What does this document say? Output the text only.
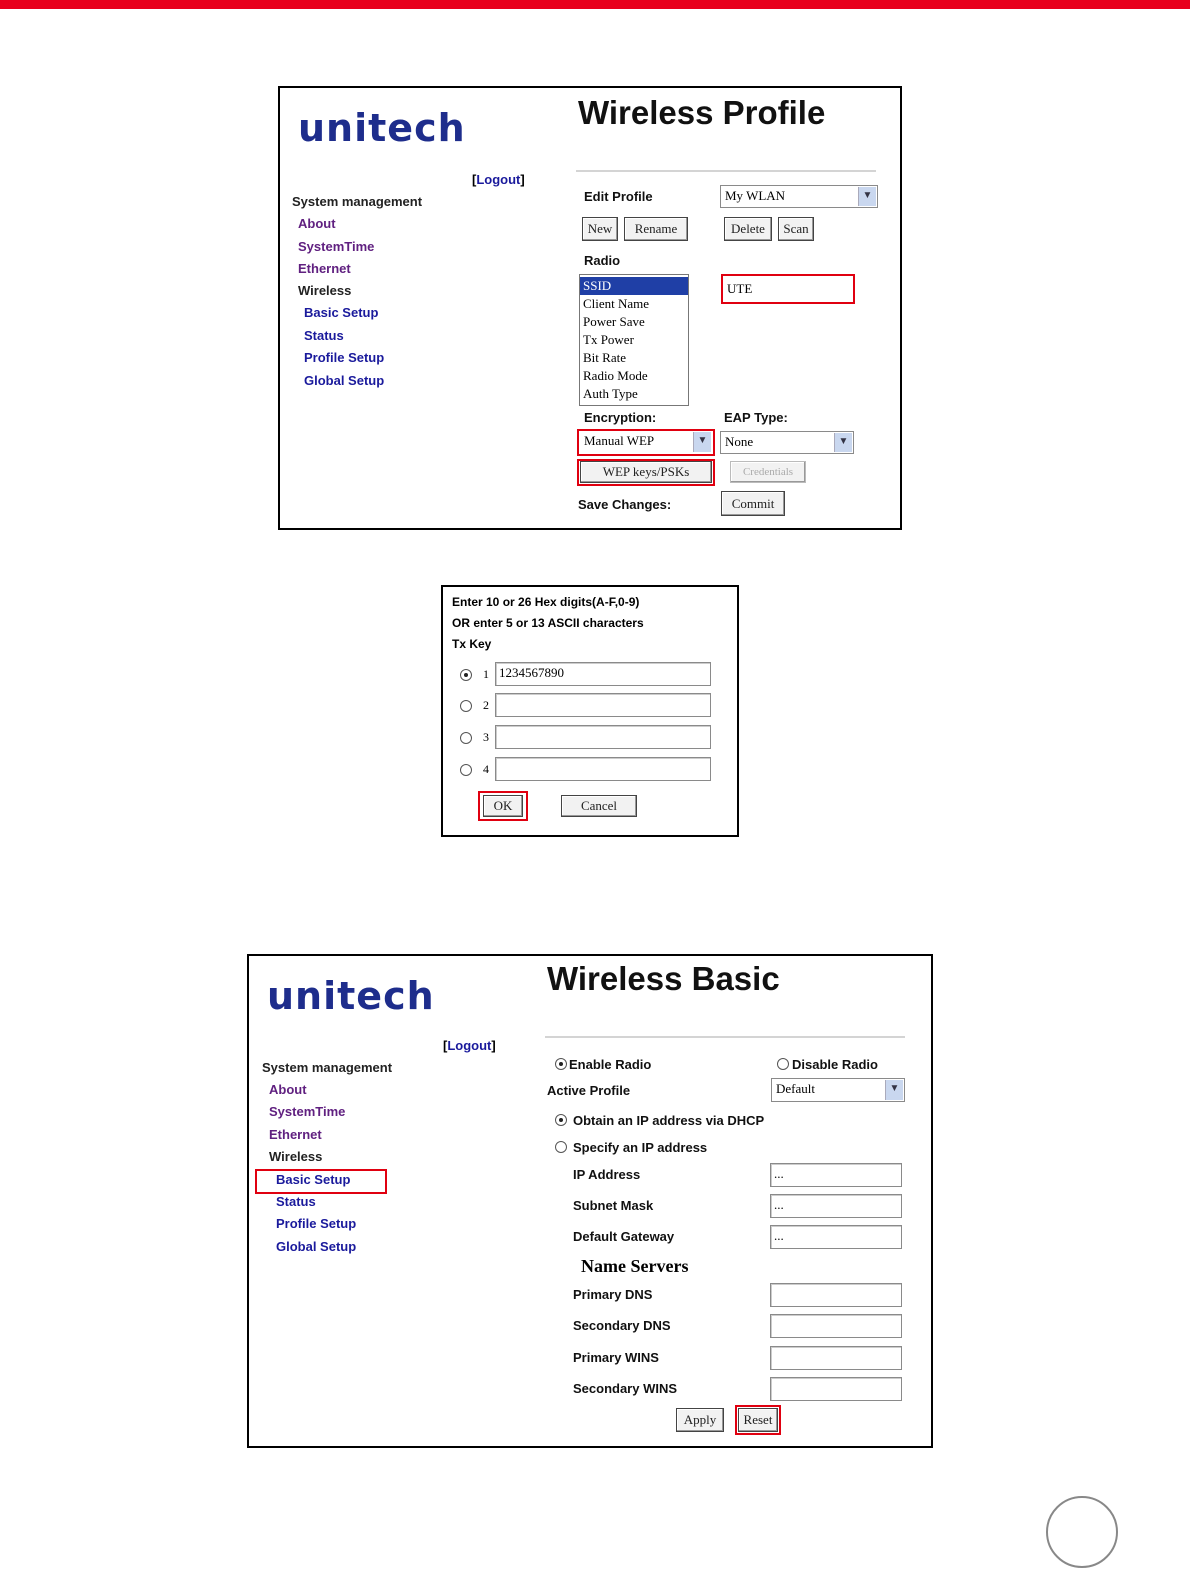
unitech	Wireless Profile
[Logout]
System management
About
SystemTime
Ethernet
Wireless
Basic Setup
Status
Profile Setup
Global Setup
Edit Profile	My WLAN	▼
New	Rename	Delete	Scan
Radio
SSID
Client Name
Power Save
Tx Power
Bit Rate
Radio Mode
Auth Type
UTE
Encryption:	EAP Type:
Manual WEP	▼	None	▼
WEP keys/PSKs	Credentials
Save Changes:	Commit
Enter 10 or 26 Hex digits(A-F,0-9)
OR enter 5 or 13 ASCII characters
Tx Key
1 1234567890
2
3
4
OK	Cancel
unitech	Wireless Basic
[Logout]
System management
About
SystemTime
Ethernet
Wireless
Basic Setup
Status
Profile Setup
Global Setup
Enable Radio	Disable Radio
Active Profile	Default	▼
Obtain an IP address via DHCP
Specify an IP address
IP Address	...
Subnet Mask	...
Default Gateway	...
Name Servers
Primary DNS
Secondary DNS
Primary WINS
Secondary WINS
Apply	Reset
